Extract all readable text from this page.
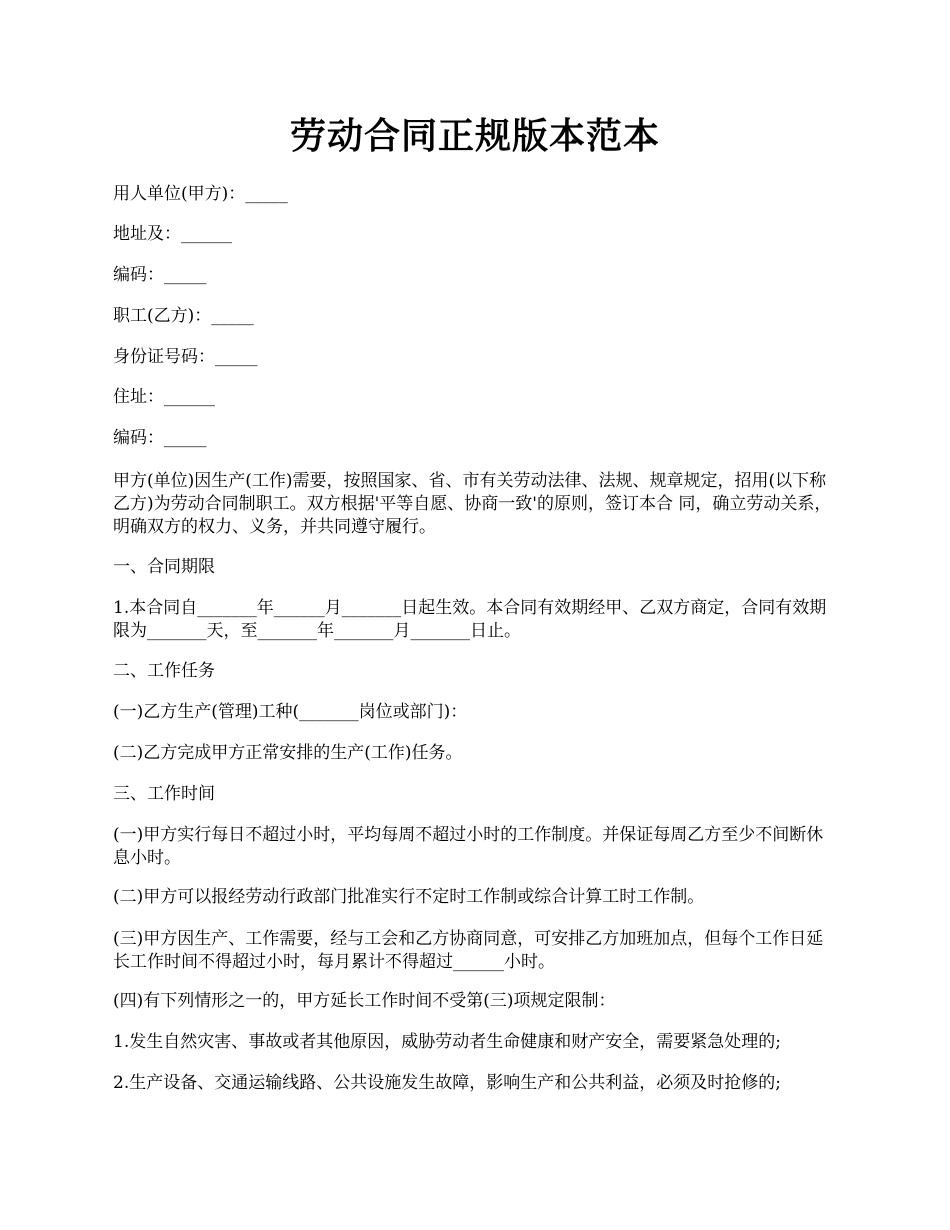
劳动合同正规版本范本

用人单位(甲方)：_____

地址及：______

编码：_____

职工(乙方)：_____

身份证号码：_____

住址：______

编码：_____

甲方(单位)因生产(工作)需要，按照国家、省、市有关劳动法律、法规、规章规定，招用(以下称乙方)为劳动合同制职工。双方根据'平等自愿、协商一致'的原则，签订本合 同，确立劳动关系，明确双方的权力、义务，并共同遵守履行。

一、合同期限

1.本合同自_______年______月_______日起生效。本合同有效期经甲、乙双方商定，合同有效期限为_______天，至_______年_______月_______日止。

二、工作任务

(一)乙方生产(管理)工种(_______岗位或部门)：

(二)乙方完成甲方正常安排的生产(工作)任务。

三、工作时间

(一)甲方实行每日不超过小时，平均每周不超过小时的工作制度。并保证每周乙方至少不间断休息小时。

(二)甲方可以报经劳动行政部门批准实行不定时工作制或综合计算工时工作制。

(三)甲方因生产、工作需要，经与工会和乙方协商同意，可安排乙方加班加点，但每个工作日延长工作时间不得超过小时，每月累计不得超过______小时。

(四)有下列情形之一的，甲方延长工作时间不受第(三)项规定限制：

1.发生自然灾害、事故或者其他原因，威胁劳动者生命健康和财产安全，需要紧急处理的;

2.生产设备、交通运输线路、公共设施发生故障，影响生产和公共利益，必须及时抢修的;
